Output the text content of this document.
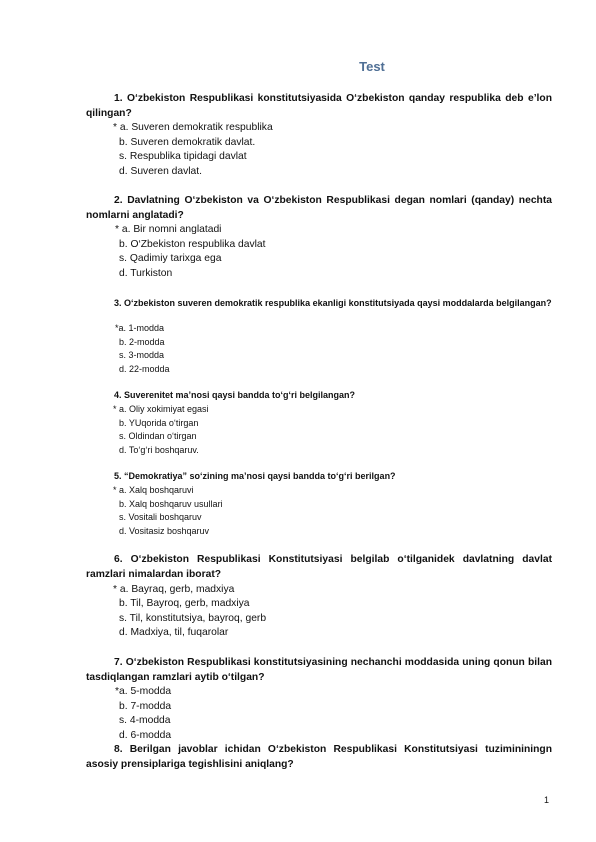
Test
1. O‘zbekiston Respublikasi konstitutsiyasida O‘zbekiston qanday respublika deb e’lon qilingan?
* a. Suveren demokratik respublika
b. Suveren demokratik davlat.
s. Respublika tipidagi davlat
d. Suveren davlat.
2. Davlatning O‘zbekiston va O‘zbekiston Respublikasi degan nomlari (qanday) nechta nomlarni anglatadi?
* a. Bir nomni anglatadi
b. O‘Zbekiston respublika davlat
s. Qadimiy tarixga ega
d. Turkiston
3. O‘zbekiston suveren demokratik respublika ekanligi konstitutsiyada qaysi moddalarda belgilangan?
*a. 1-modda
b. 2-modda
s. 3-modda
d. 22-modda
4. Suverenitet ma’nosi qaysi bandda to‘g‘ri belgilangan?
* a. Oliy xokimiyat egasi
b. YUqorida o‘tirgan
s. Oldindan o‘tirgan
d. To‘g‘ri boshqaruv.
5. “Demokratiya” so‘zining ma’nosi qaysi bandda to‘g‘ri berilgan?
* a. Xalq boshqaruvi
b. Xalq boshqaruv usullari
s. Vositali boshqaruv
d. Vositasiz boshqaruv
6. O‘zbekiston Respublikasi Konstitutsiyasi belgilab o‘tilganidek davlatning davlat ramzlari nimalardan iborat?
* a. Bayraq, gerb, madxiya
b. Til, Bayroq, gerb, madxiya
s. Til, konstitutsiya, bayroq, gerb
d. Madxiya, til, fuqarolar
7. O‘zbekiston Respublikasi konstitutsiyasining nechanchi moddasida uning qonun bilan tasdiqlangan ramzlari aytib o‘tilgan?
*a. 5-modda
b. 7-modda
s. 4-modda
d. 6-modda
8. Berilgan javoblar ichidan O‘zbekiston Respublikasi Konstitutsiyasi tuzimininingn asosiy prensiplariga tegishlisini aniqlang?
1
